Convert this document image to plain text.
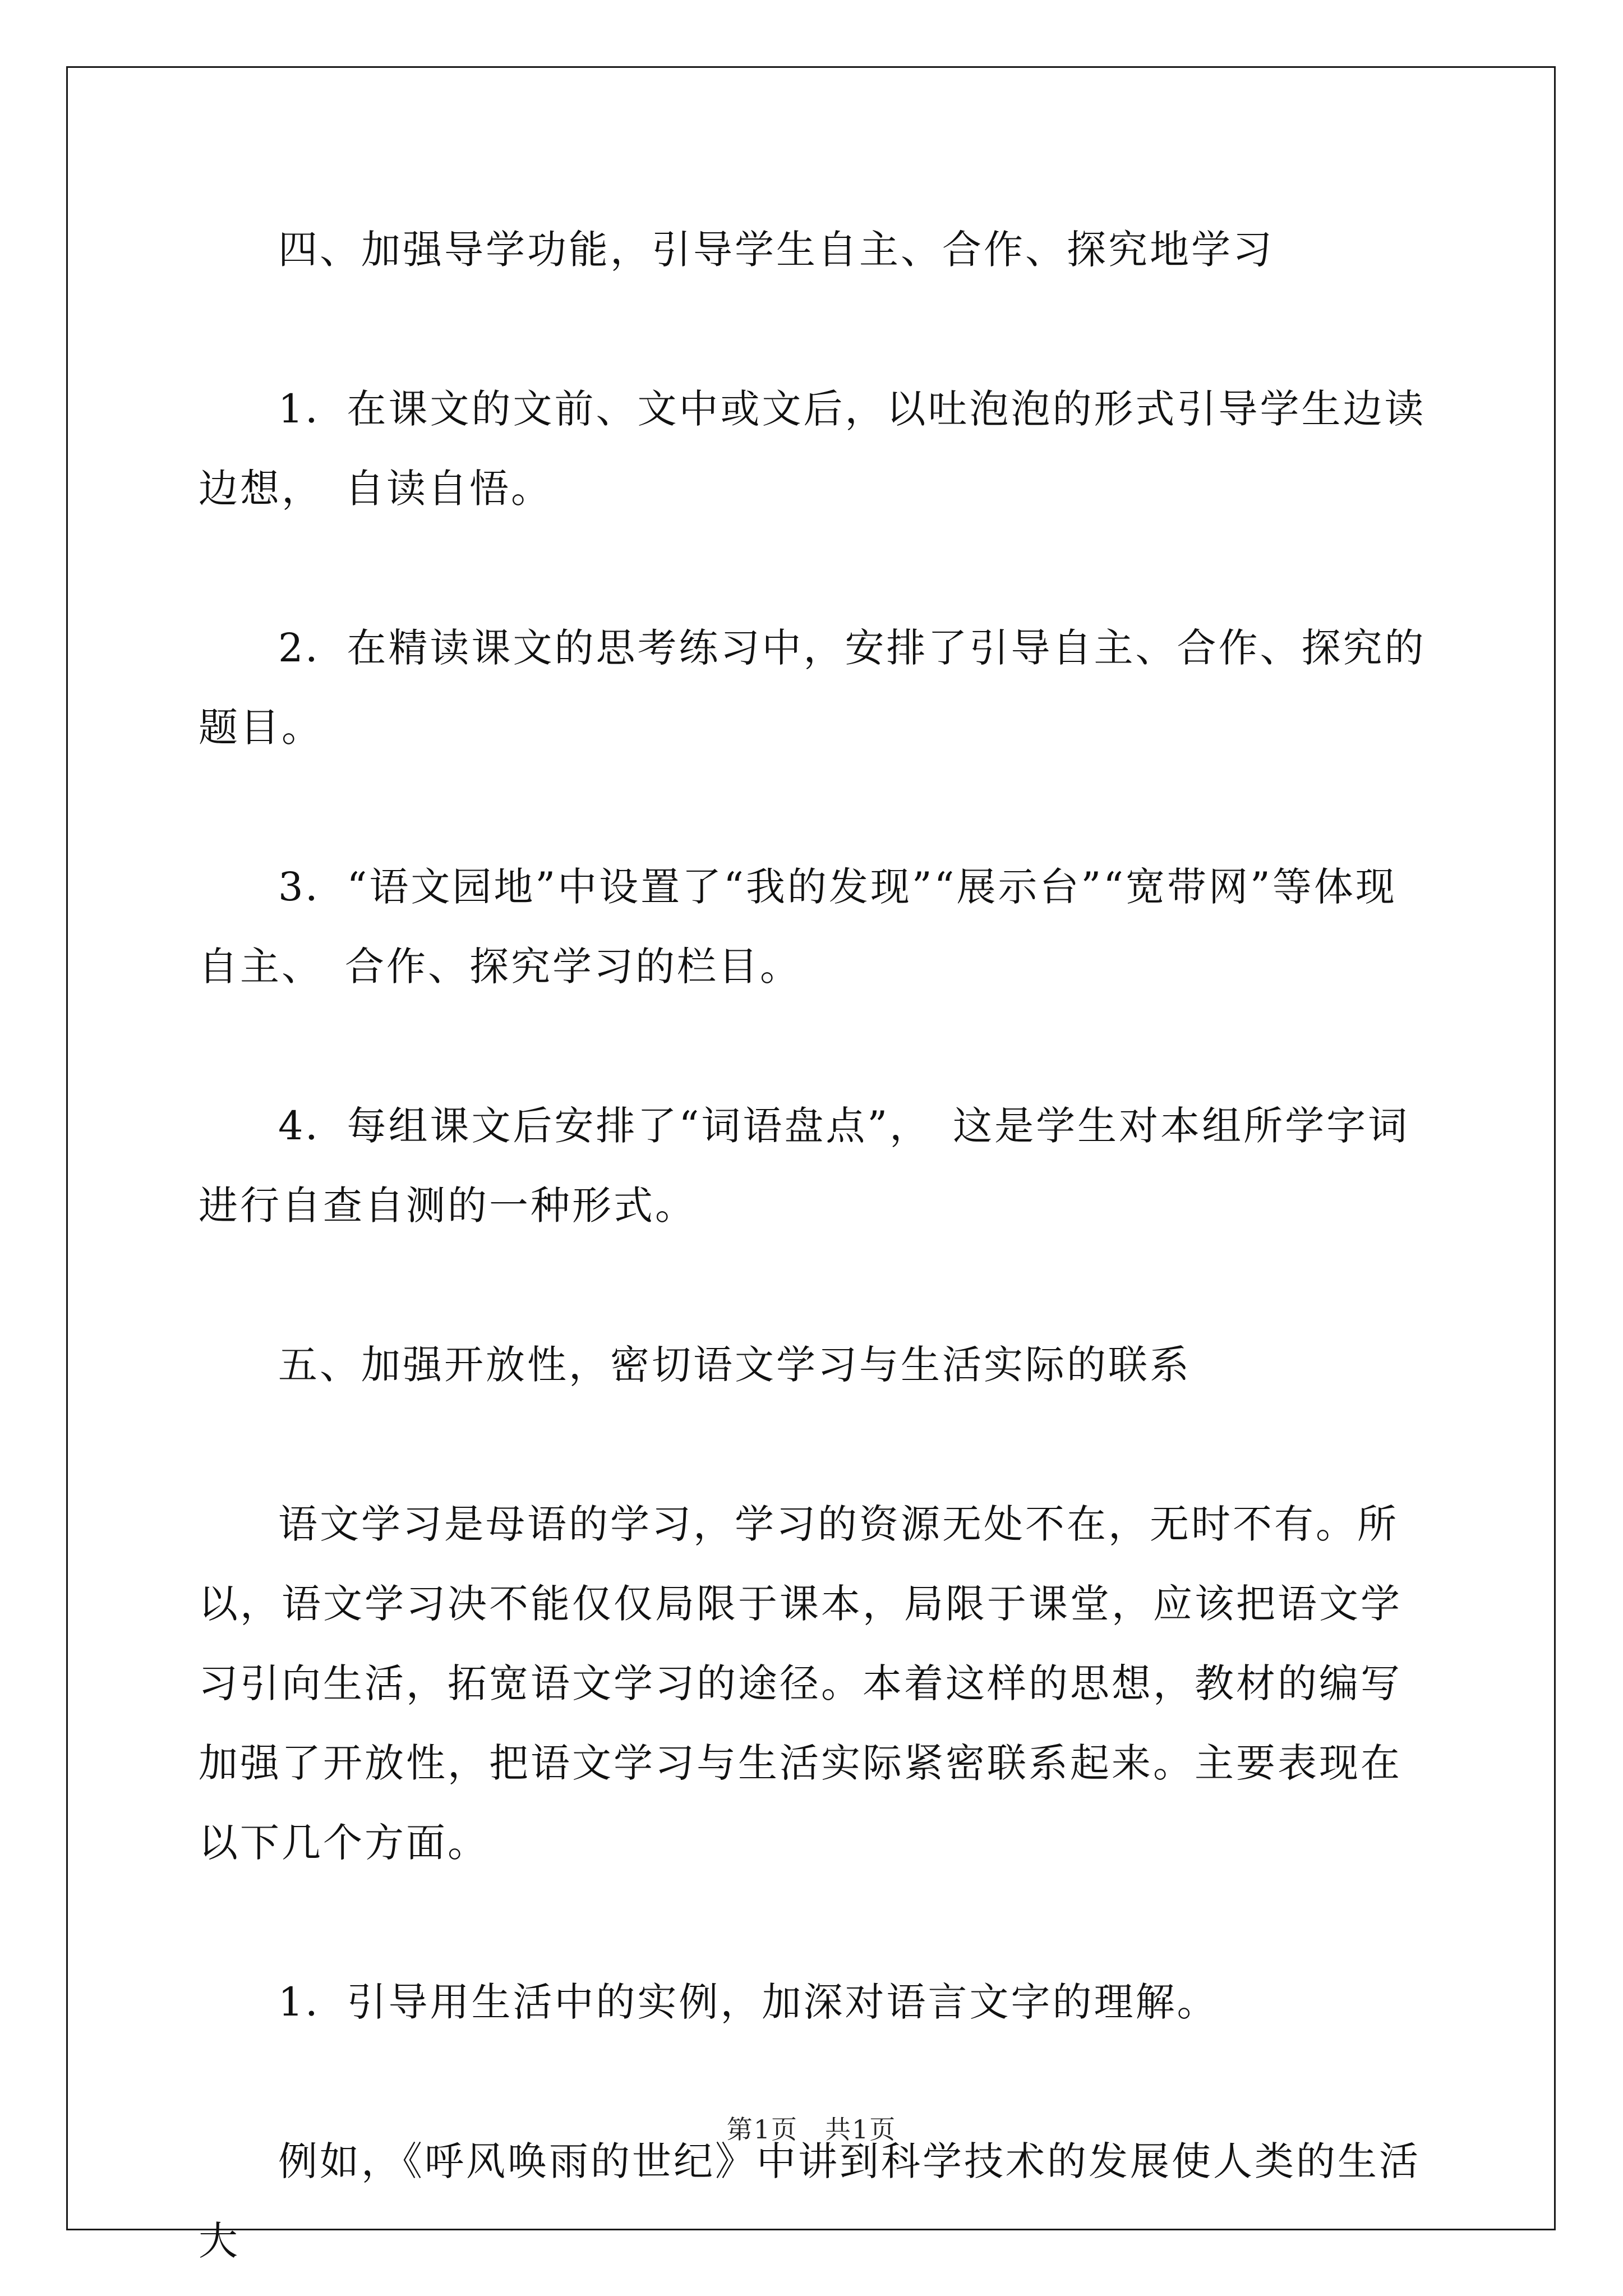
四、加强导学功能，引导学生自主、合作、探究地学习

1．在课文的文前、文中或文后，以吐泡泡的形式引导学生边读边想，　自读自悟。

2．在精读课文的思考练习中，安排了引导自主、合作、探究的题目。

3．“语文园地”中设置了“我的发现”“展示台”“宽带网”等体现自主、　合作、探究学习的栏目。

4．每组课文后安排了“词语盘点”，　这是学生对本组所学字词进行自查自测的一种形式。

五、加强开放性，密切语文学习与生活实际的联系

语文学习是母语的学习，学习的资源无处不在，无时不有。所以，语文学习决不能仅仅局限于课本，局限于课堂，应该把语文学习引向生活，拓宽语文学习的途径。本着这样的思想，教材的编写加强了开放性，把语文学习与生活实际紧密联系起来。主要表现在以下几个方面。

1．引导用生活中的实例，加深对语言文字的理解。

例如，《呼风唤雨的世纪》中讲到科学技术的发展使人类的生活大

第1页　共1页
